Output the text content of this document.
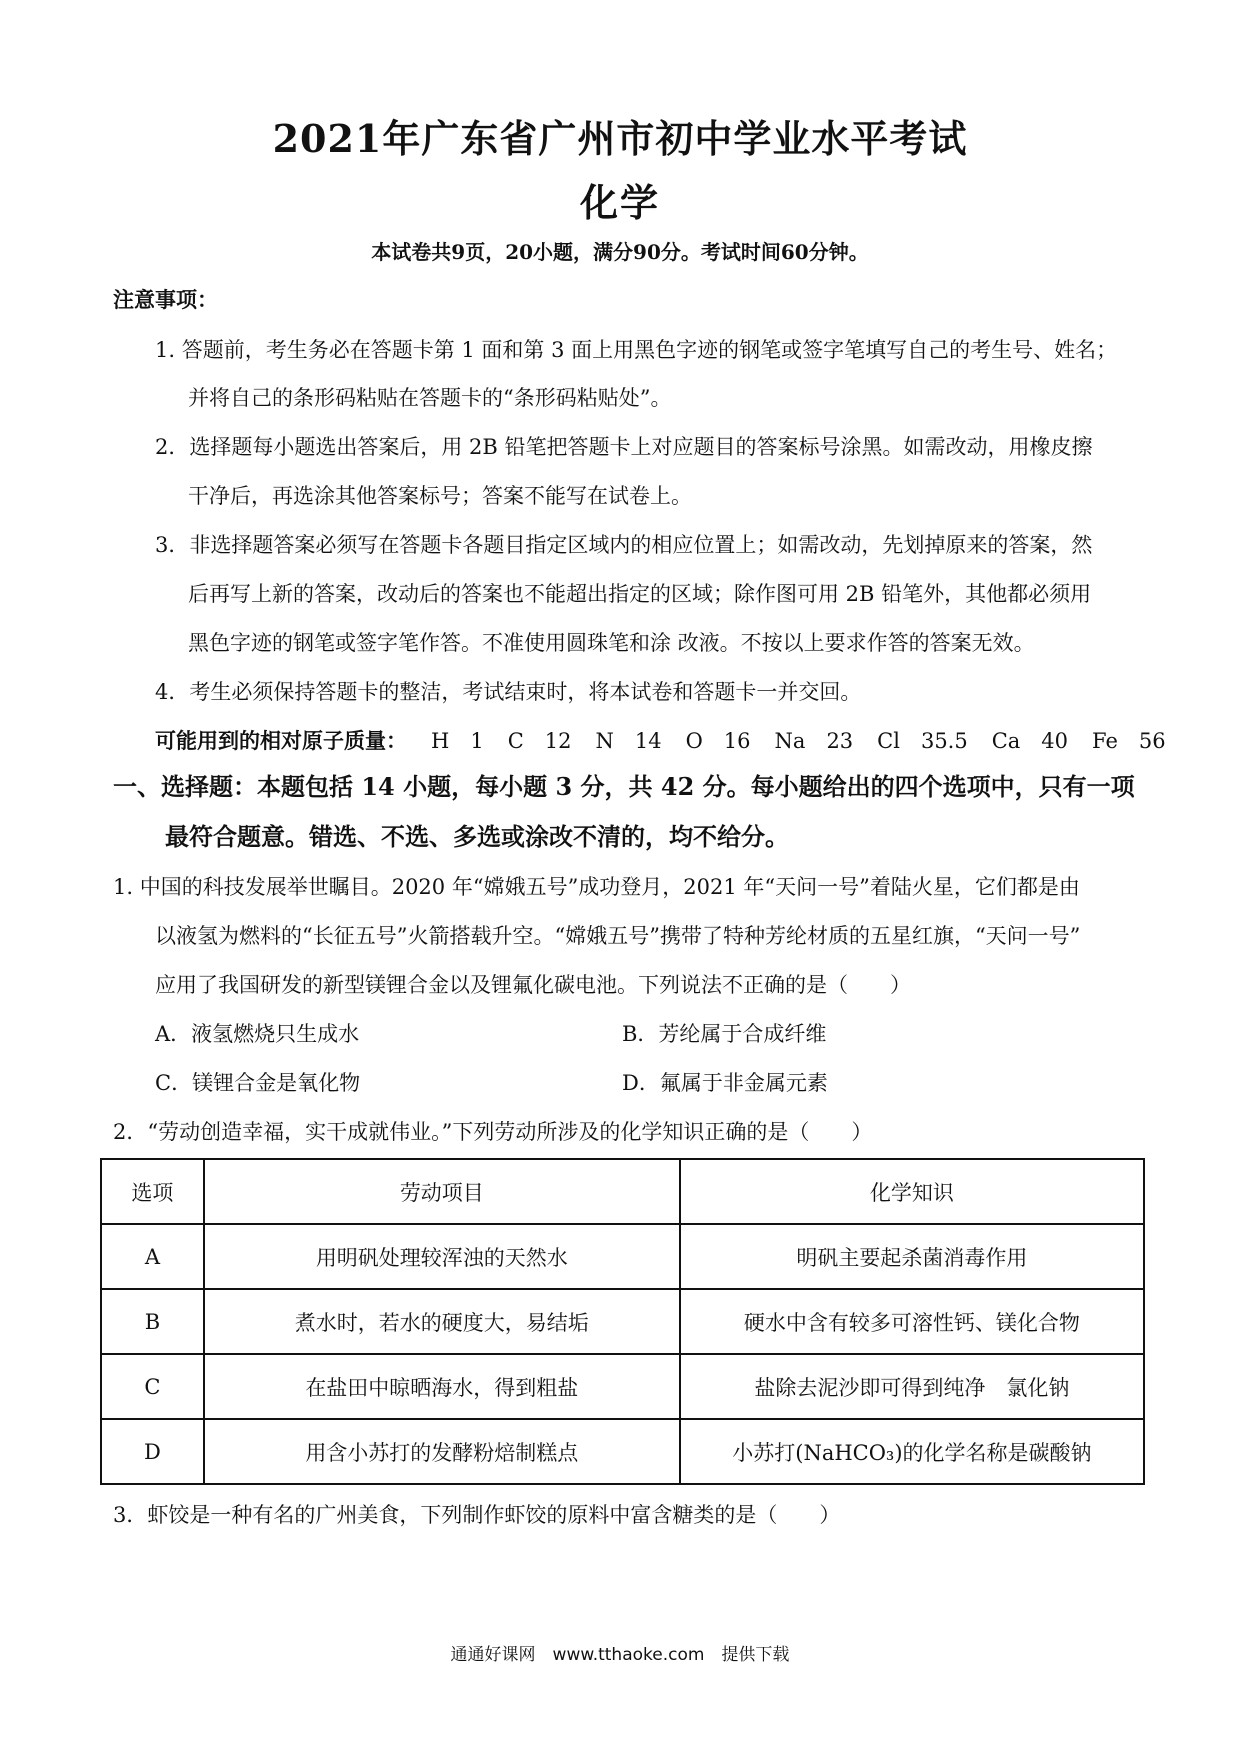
2021年广东省广州市初中学业水平考试
化学
本试卷共9页，20小题，满分90分。考试时间60分钟。
注意事项：
1. 答题前，考生务必在答题卡第 1 面和第 3 面上用黑色字迹的钢笔或签字笔填写自己的考生号、姓名；
并将自己的条形码粘贴在答题卡的“条形码粘贴处”。
2．选择题每小题选出答案后，用 2B 铅笔把答题卡上对应题目的答案标号涂黑。如需改动，用橡皮擦
干净后，再选涂其他答案标号；答案不能写在试卷上。
3．非选择题答案必须写在答题卡各题目指定区域内的相应位置上；如需改动，先划掉原来的答案，然
后再写上新的答案，改动后的答案也不能超出指定的区域；除作图可用 2B 铅笔外，其他都必须用
黑色字迹的钢笔或签字笔作答。不准使用圆珠笔和涂 改液。不按以上要求作答的答案无效。
4．考生必须保持答题卡的整洁，考试结束时，将本试卷和答题卡一并交回。
可能用到的相对原子质量： H　1 C　12 N　14 O　16 Na　23 Cl　35.5 Ca　40 Fe　56
一、选择题：本题包括 14 小题，每小题 3 分，共 42 分。每小题给出的四个选项中，只有一项
最符合题意。错选、不选、多选或涂改不清的，均不给分。
1. 中国的科技发展举世瞩目。2020 年“嫦娥五号”成功登月，2021 年“天问一号”着陆火星，它们都是由
以液氢为燃料的“长征五号”火箭搭载升空。“嫦娥五号”携带了特种芳纶材质的五星红旗，“天问一号”
应用了我国研发的新型镁锂合金以及锂氟化碳电池。下列说法不正确的是（　　）
A．液氢燃烧只生成水	B．芳纶属于合成纤维
C．镁锂合金是氧化物	D．氟属于非金属元素
2．“劳动创造幸福，实干成就伟业。”下列劳动所涉及的化学知识正确的是（　　）
选项	劳动项目	化学知识
A	用明矾处理较浑浊的天然水	明矾主要起杀菌消毒作用
B	煮水时，若水的硬度大，易结垢	硬水中含有较多可溶性钙、镁化合物
C	在盐田中晾晒海水，得到粗盐	盐除去泥沙即可得到纯净　氯化钠
D	用含小苏打的发酵粉焙制糕点	小苏打(NaHCO₃)的化学名称是碳酸钠
3．虾饺是一种有名的广州美食，下列制作虾饺的原料中富含糖类的是（　　）
通通好课网　www.tthaoke.com　提供下载
